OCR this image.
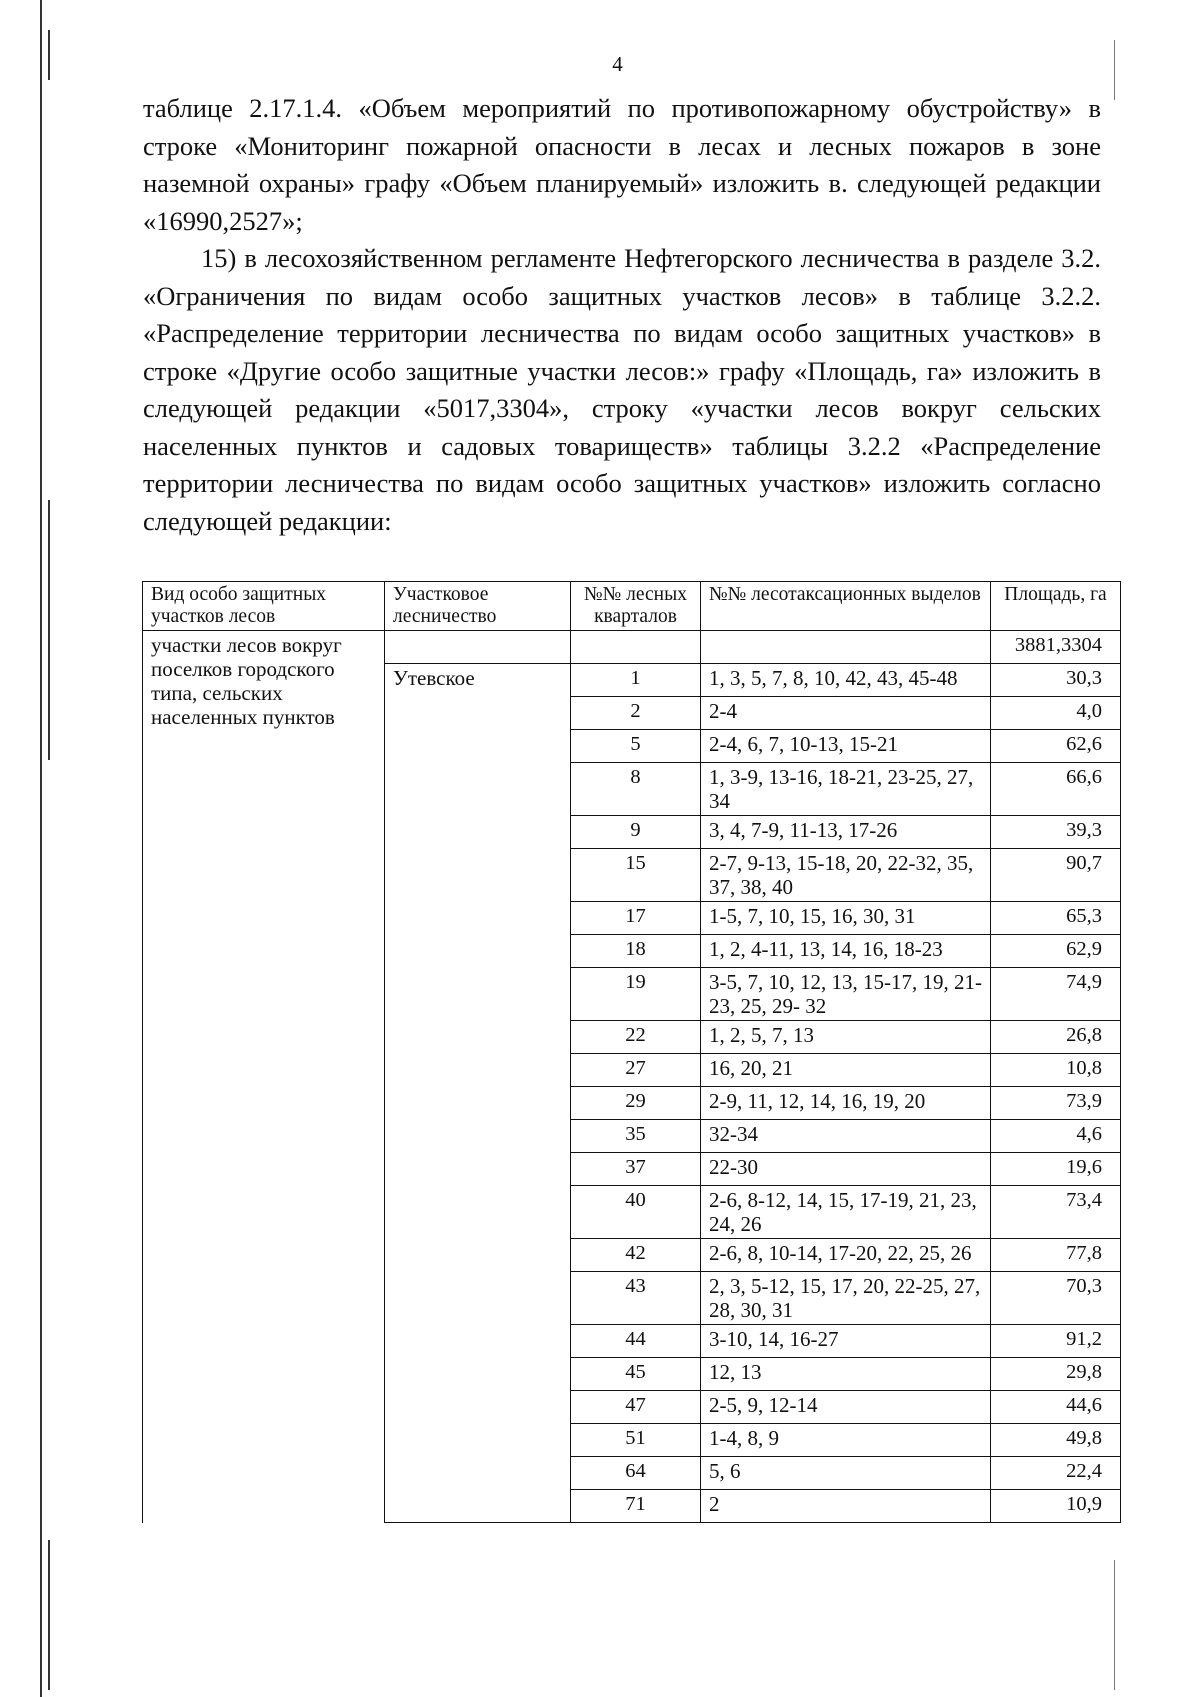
4

таблице 2.17.1.4. «Объем мероприятий по противопожарному обустройству» в строке «Мониторинг пожарной опасности в лесах и лесных пожаров в зоне наземной охраны» графу «Объем планируемый» изложить в. следующей редакции «16990,2527»;

15) в лесохозяйственном регламенте Нефтегорского лесничества в разделе 3.2. «Ограничения по видам особо защитных участков лесов» в таблице 3.2.2. «Распределение территории лесничества по видам особо защитных участков» в строке «Другие особо защитные участки лесов:» графу «Площадь, га» изложить в следующей редакции «5017,3304», строку «участки лесов вокруг сельских населенных пунктов и садовых товариществ» таблицы 3.2.2 «Распределение территории лесничества по видам особо защитных участков» изложить согласно следующей редакции:

Вид особо защитных участков лесов	Участковое лесничество	№№ лесных кварталов	№№ лесотаксационных выделов	Площадь, га
участки лесов вокруг поселков городского типа, сельских населенных пунктов				3881,3304
	Утевское	1	1, 3, 5, 7, 8, 10, 42, 43, 45-48	30,3
		2	2-4	4,0
		5	2-4, 6, 7, 10-13, 15-21	62,6
		8	1, 3-9, 13-16, 18-21, 23-25, 27, 34	66,6
		9	3, 4, 7-9, 11-13, 17-26	39,3
		15	2-7, 9-13, 15-18, 20, 22-32, 35, 37, 38, 40	90,7
		17	1-5, 7, 10, 15, 16, 30, 31	65,3
		18	1, 2, 4-11, 13, 14, 16, 18-23	62,9
		19	3-5, 7, 10, 12, 13, 15-17, 19, 21-23, 25, 29- 32	74,9
		22	1, 2, 5, 7, 13	26,8
		27	16, 20, 21	10,8
		29	2-9, 11, 12, 14, 16, 19, 20	73,9
		35	32-34	4,6
		37	22-30	19,6
		40	2-6, 8-12, 14, 15, 17-19, 21, 23, 24, 26	73,4
		42	2-6, 8, 10-14, 17-20, 22, 25, 26	77,8
		43	2, 3, 5-12, 15, 17, 20, 22-25, 27, 28, 30, 31	70,3
		44	3-10, 14, 16-27	91,2
		45	12, 13	29,8
		47	2-5, 9, 12-14	44,6
		51	1-4, 8, 9	49,8
		64	5, 6	22,4
		71	2	10,9
